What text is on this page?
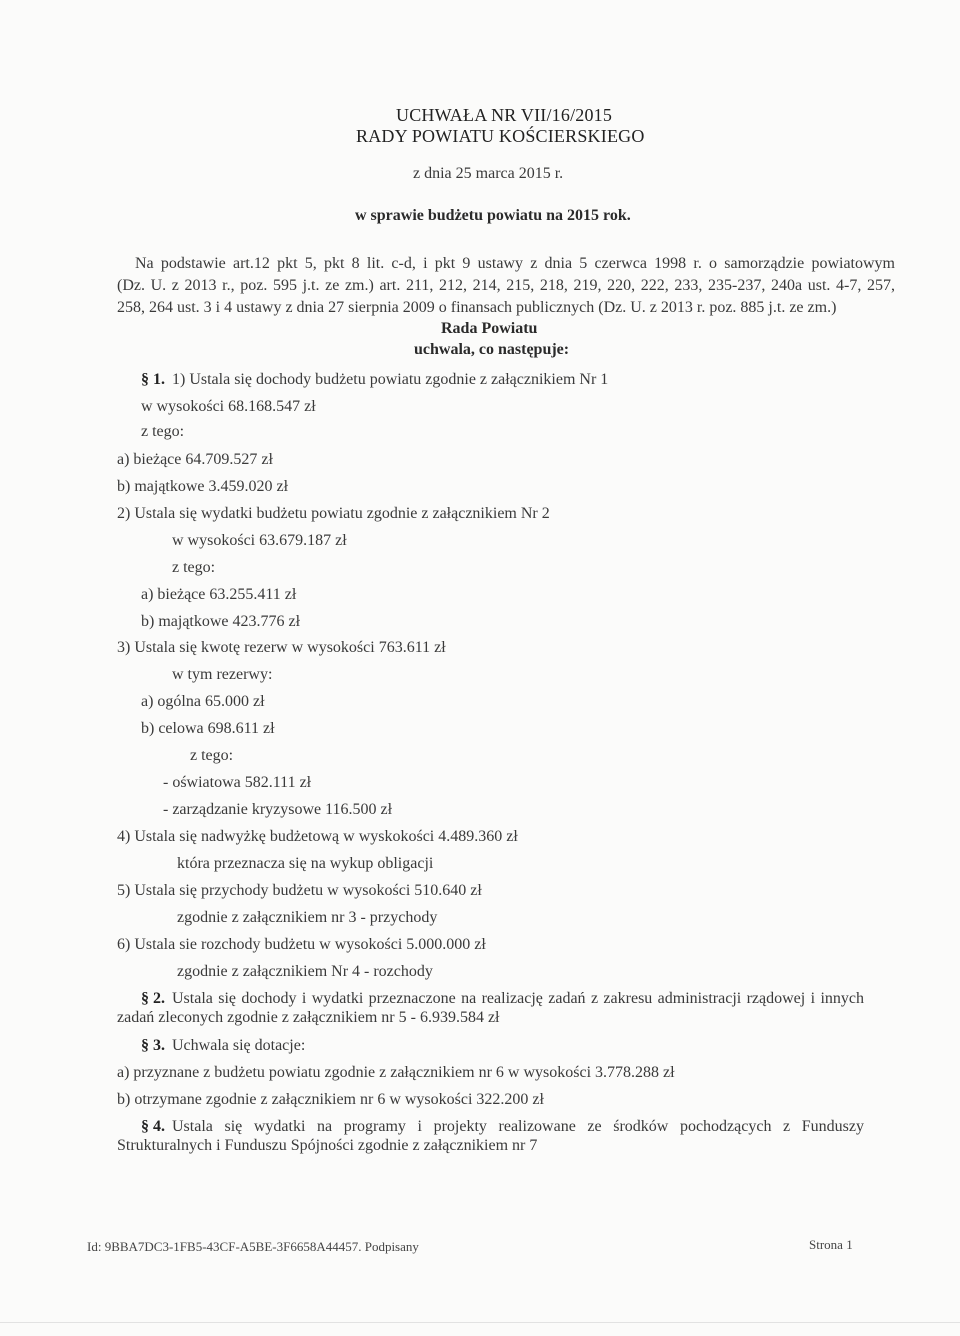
UCHWAŁA NR VII/16/2015
RADY POWIATU KOŚCIERSKIEGO
z dnia 25 marca 2015 r.
w sprawie budżetu powiatu na 2015 rok.
Na podstawie art.12 pkt 5, pkt 8 lit. c-d, i pkt 9 ustawy z dnia 5 czerwca 1998 r. o samorządzie powiatowym
(Dz. U. z 2013 r., poz. 595 j.t. ze zm.) art. 211, 212, 214, 215, 218, 219, 220, 222, 233, 235-237, 240a ust. 4-7, 257,
258, 264 ust. 3 i 4 ustawy z dnia 27 sierpnia 2009 o finansach publicznych (Dz. U. z 2013 r. poz. 885 j.t. ze zm.)
Rada Powiatu
uchwala, co następuje:
§ 1. 1) Ustala się dochody budżetu powiatu zgodnie z załącznikiem Nr 1
w wysokości 68.168.547 zł
z tego:
a) bieżące 64.709.527 zł
b) majątkowe 3.459.020 zł
2) Ustala się wydatki budżetu powiatu zgodnie z załącznikiem Nr 2
w wysokości 63.679.187 zł
z tego:
a) bieżące 63.255.411 zł
b) majątkowe 423.776 zł
3) Ustala się kwotę rezerw w wysokości 763.611 zł
w tym rezerwy:
a) ogólna 65.000 zł
b) celowa 698.611 zł
z tego:
- oświatowa 582.111 zł
- zarządzanie kryzysowe 116.500 zł
4) Ustala się nadwyżkę budżetową w wyskokości 4.489.360 zł
która przeznacza się na wykup obligacji
5) Ustala się przychody budżetu w wysokości 510.640 zł
zgodnie z załącznikiem nr 3 - przychody
6) Ustala sie rozchody budżetu w wysokości 5.000.000 zł
zgodnie z załącznikiem Nr 4 - rozchody
§ 2. Ustala się dochody i wydatki przeznaczone na realizację zadań z zakresu administracji rządowej i innych
zadań zleconych zgodnie z załącznikiem nr 5 - 6.939.584 zł
§ 3. Uchwala się dotacje:
a) przyznane z budżetu powiatu zgodnie z załącznikiem nr 6 w wysokości 3.778.288 zł
b) otrzymane zgodnie z załącznikiem nr 6 w wysokości 322.200 zł
§ 4. Ustala się wydatki na programy i projekty realizowane ze środków pochodzących z Funduszy
Strukturalnych i Funduszu Spójności zgodnie z załącznikiem nr 7
Id: 9BBA7DC3-1FB5-43CF-A5BE-3F6658A44457. Podpisany	Strona 1
